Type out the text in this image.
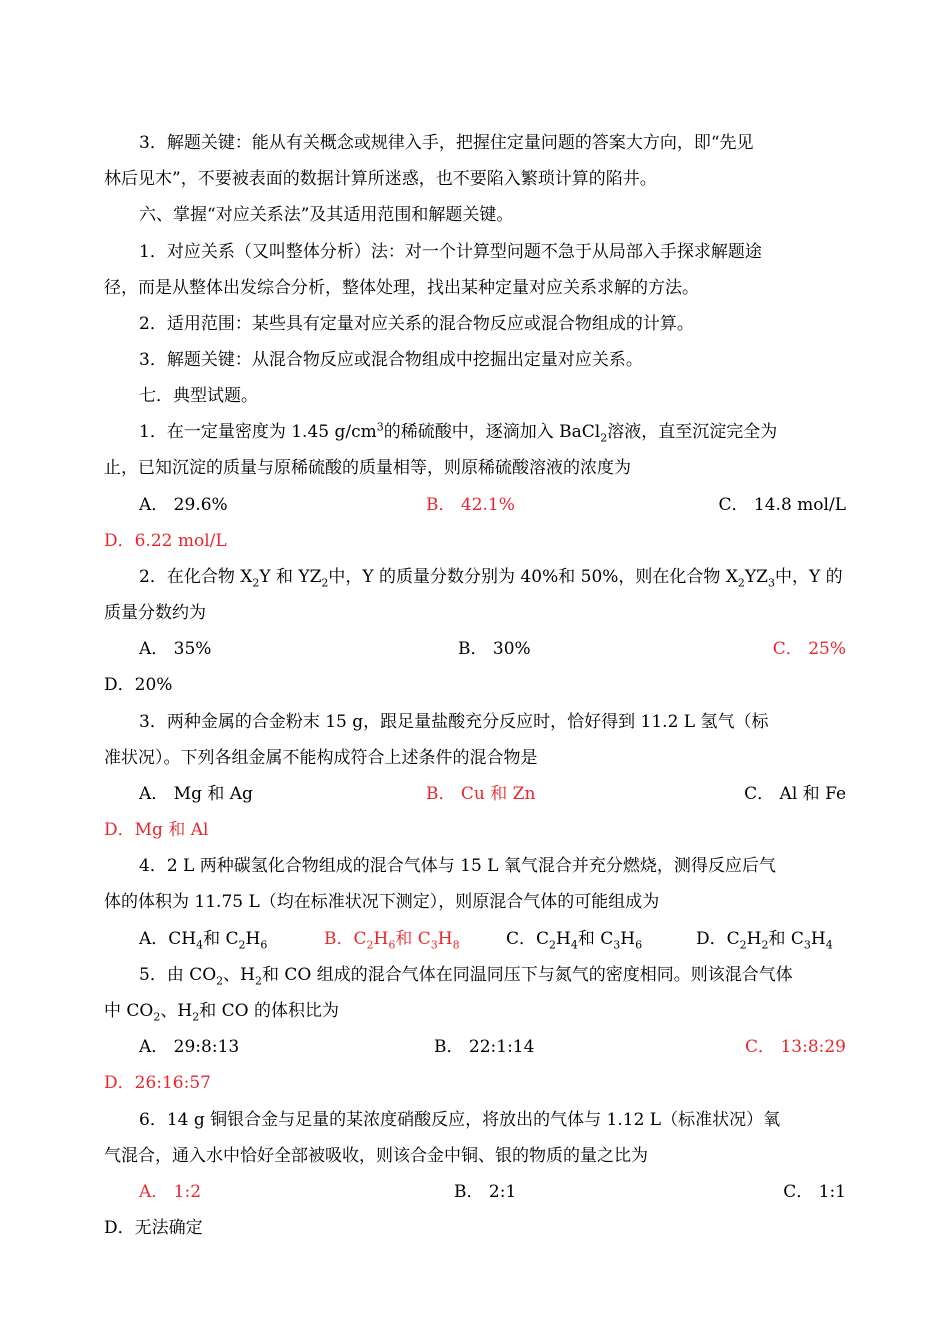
3．解题关键：能从有关概念或规律入手，把握住定量问题的答案大方向，即“先见
林后见木”，不要被表面的数据计算所迷惑，也不要陷入繁琐计算的陷井。
六、掌握“对应关系法”及其适用范围和解题关键。
1．对应关系（又叫整体分析）法：对一个计算型问题不急于从局部入手探求解题途
径，而是从整体出发综合分析，整体处理，找出某种定量对应关系求解的方法。
2．适用范围：某些具有定量对应关系的混合物反应或混合物组成的计算。
3．解题关键：从混合物反应或混合物组成中挖掘出定量对应关系。
七．典型试题。
1．在一定量密度为 1.45 $g/cm^3$的稀硫酸中，逐滴加入 BaCl$_2$溶液，直至沉淀完全为
止，已知沉淀的质量与原稀硫酸的质量相等，则原稀硫酸溶液的浓度为
A． 29.6%	B． 42.1%	C． 14.8 mol/L
D．6.22 mol/L
2．在化合物 $X_2Y$ 和 $YZ_2$中，Y 的质量分数分别为 40%和 50%，则在化合物 $X_2YZ_3$中，Y 的
质量分数约为
A． 35%	B． 30%	C． 25%
D．20%
3．两种金属的合金粉末 15 g，跟足量盐酸充分反应时，恰好得到 11.2 L 氢气（标
准状况）。下列各组金属不能构成符合上述条件的混合物是
A． Mg 和 Ag	B． Cu 和 Zn	C． Al 和 Fe
D．Mg 和 Al
4．2 L 两种碳氢化合物组成的混合气体与 15 L 氧气混合并充分燃烧，测得反应后气
体的体积为 11.75 L（均在标准状况下测定），则原混合气体的可能组成为
A．$CH_4$和 $C_2H_6$	B．$C_2H_6$和 $C_3H_8$	C．$C_2H_4$和 $C_3H_6$	D．$C_2H_2$和 $C_3H_4$
5．由 $CO_2$、$H_2$和 CO 组成的混合气体在同温同压下与氮气的密度相同。则该混合气体
中 $CO_2$、$H_2$和 CO 的体积比为
A． 29:8:13	B． 22:1:14	C． 13:8:29
D．26:16:57
6．14 g 铜银合金与足量的某浓度硝酸反应，将放出的气体与 1.12 L（标准状况）氧
气混合，通入水中恰好全部被吸收，则该合金中铜、银的物质的量之比为
A． 1:2	B． 2:1	C． 1:1
D．无法确定
